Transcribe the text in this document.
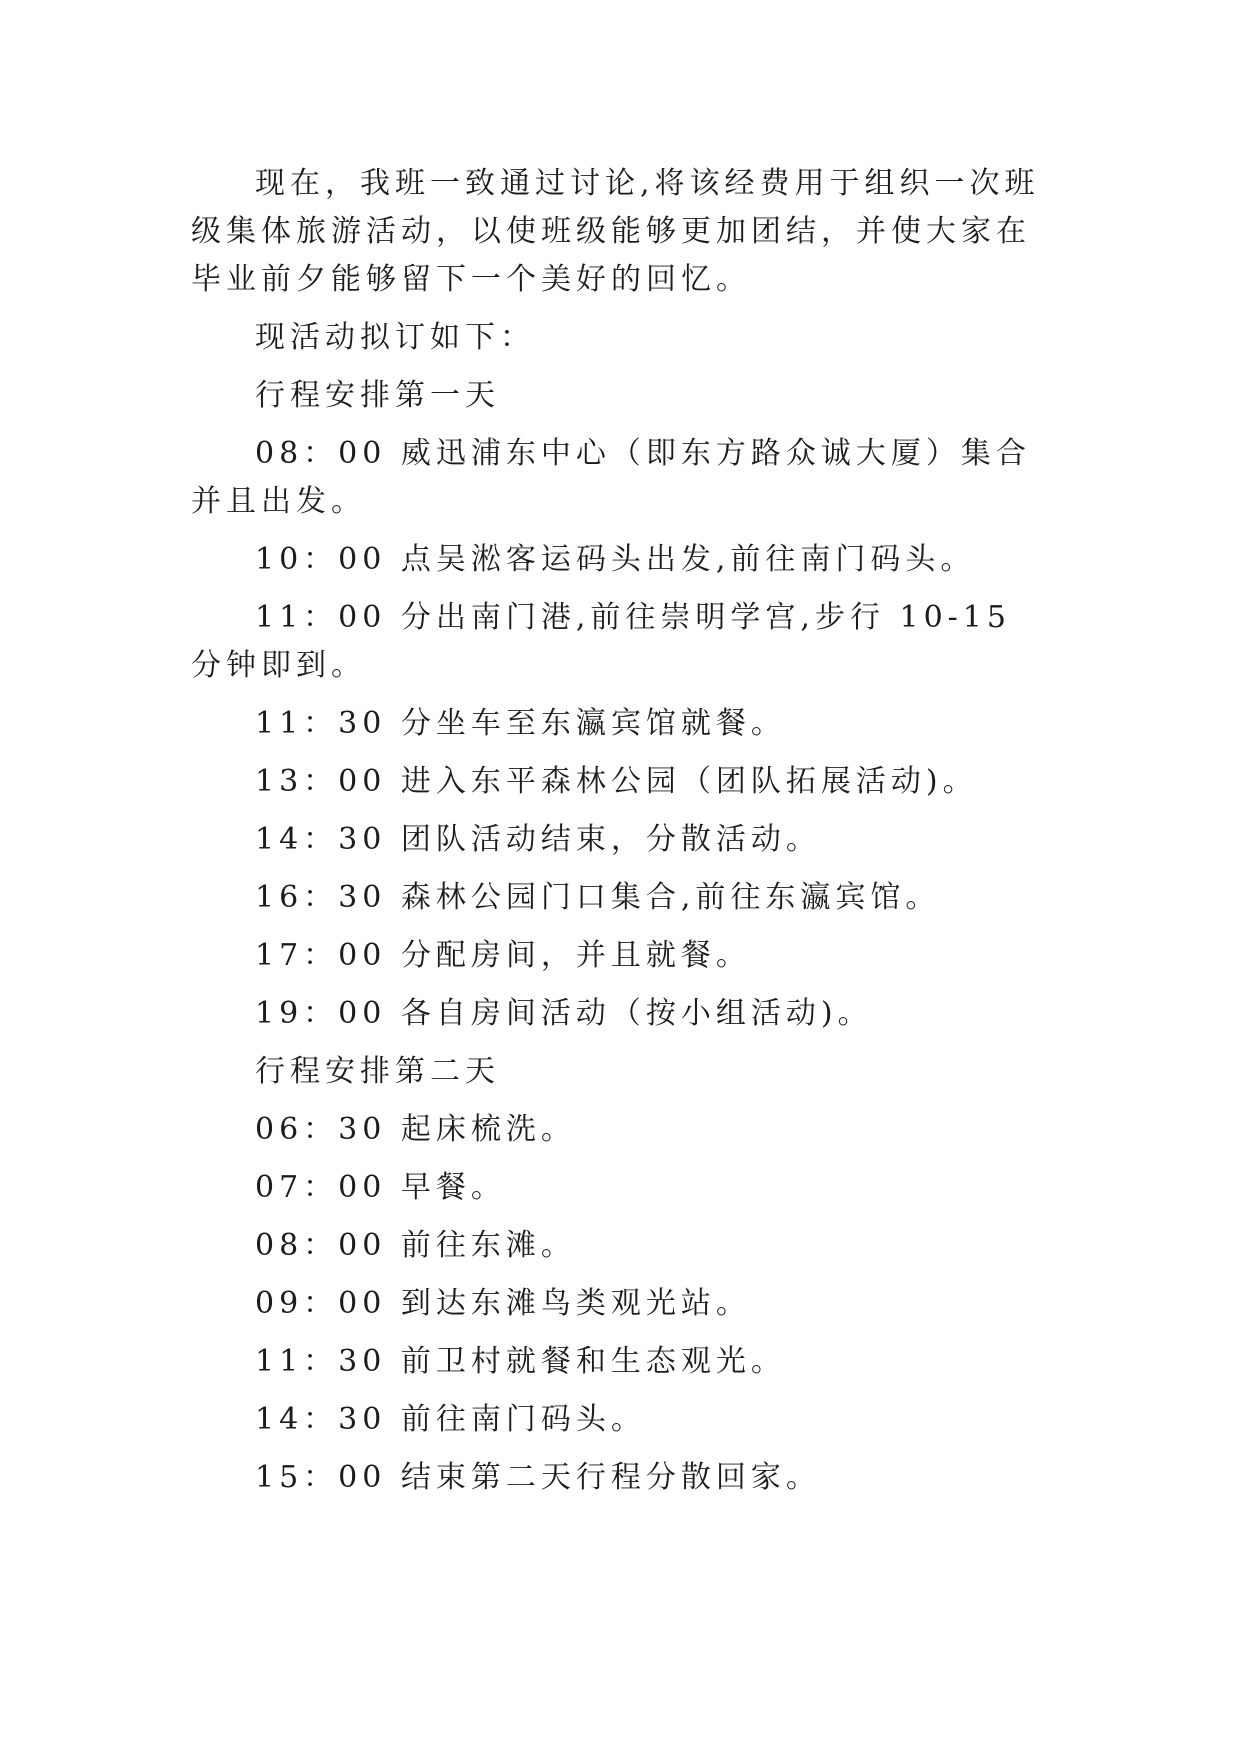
现在，我班一致通过讨论,将该经费用于组织一次班级集体旅游活动，以使班级能够更加团结，并使大家在毕业前夕能够留下一个美好的回忆。

现活动拟订如下：

行程安排第一天

08：00 威迅浦东中心（即东方路众诚大厦）集合并且出发。

10：00 点吴淞客运码头出发,前往南门码头。

11：00 分出南门港,前往崇明学宫,步行 10-15 分钟即到。

11：30 分坐车至东瀛宾馆就餐。

13：00 进入东平森林公园（团队拓展活动)。

14：30 团队活动结束，分散活动。

16：30 森林公园门口集合,前往东瀛宾馆。

17：00 分配房间，并且就餐。

19：00 各自房间活动（按小组活动)。

行程安排第二天

06：30 起床梳洗。

07：00 早餐。

08：00 前往东滩。

09：00 到达东滩鸟类观光站。

11：30 前卫村就餐和生态观光。

14：30 前往南门码头。

15：00 结束第二天行程分散回家。
